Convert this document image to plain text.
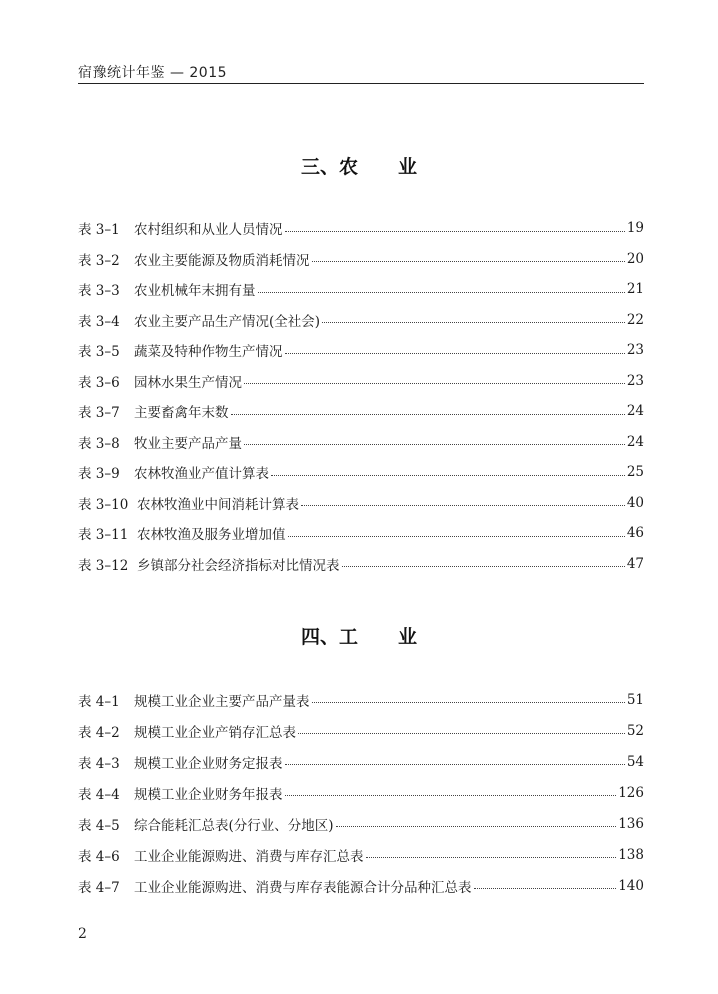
宿豫统计年鉴 — 2015
三、农 业
表 3–1	农村组织和从业人员情况	19
表 3–2	农业主要能源及物质消耗情况	20
表 3–3	农业机械年末拥有量	21
表 3–4	农业主要产品生产情况(全社会)	22
表 3–5	蔬菜及特种作物生产情况	23
表 3–6	园林水果生产情况	23
表 3–7	主要畜禽年末数	24
表 3–8	牧业主要产品产量	24
表 3–9	农林牧渔业产值计算表	25
表 3–10 农林牧渔业中间消耗计算表	40
表 3–11 农林牧渔及服务业增加值	46
表 3–12 乡镇部分社会经济指标对比情况表	47
四、工 业
表 4–1	规模工业企业主要产品产量表	51
表 4–2	规模工业企业产销存汇总表	52
表 4–3	规模工业企业财务定报表	54
表 4–4	规模工业企业财务年报表	126
表 4–5	综合能耗汇总表(分行业、分地区)	136
表 4–6	工业企业能源购进、消费与库存汇总表	138
表 4–7	工业企业能源购进、消费与库存表能源合计分品种汇总表	140
2
